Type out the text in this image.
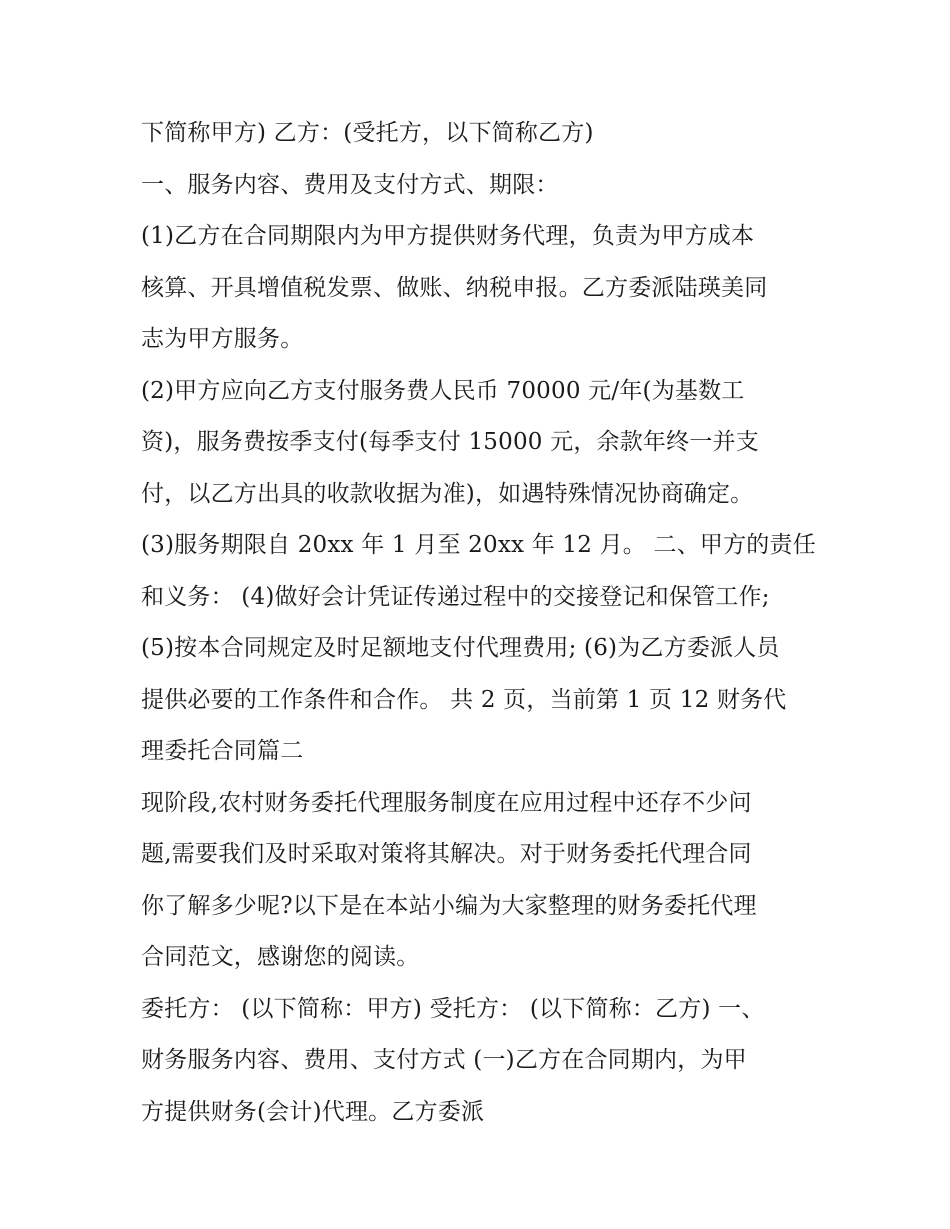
下简称甲方) 乙方：(受托方，以下简称乙方)
一、服务内容、费用及支付方式、期限：
(1)乙方在合同期限内为甲方提供财务代理，负责为甲方成本
核算、开具增值税发票、做账、纳税申报。乙方委派陆瑛美同
志为甲方服务。
(2)甲方应向乙方支付服务费人民币 70000 元/年(为基数工
资)，服务费按季支付(每季支付 15000 元，余款年终一并支
付，以乙方出具的收款收据为准)，如遇特殊情况协商确定。
(3)服务期限自 20xx 年 1 月至 20xx 年 12 月。 二、甲方的责任
和义务： (4)做好会计凭证传递过程中的交接登记和保管工作;
(5)按本合同规定及时足额地支付代理费用; (6)为乙方委派人员
提供必要的工作条件和合作。 共 2 页，当前第 1 页 12 财务代
理委托合同篇二
现阶段,农村财务委托代理服务制度在应用过程中还存不少问
题,需要我们及时采取对策将其解决。对于财务委托代理合同
你了解多少呢?以下是在本站小编为大家整理的财务委托代理
合同范文，感谢您的阅读。
委托方： (以下简称：甲方) 受托方： (以下简称：乙方) 一、
财务服务内容、费用、支付方式 (一)乙方在合同期内，为甲
方提供财务(会计)代理。乙方委派
